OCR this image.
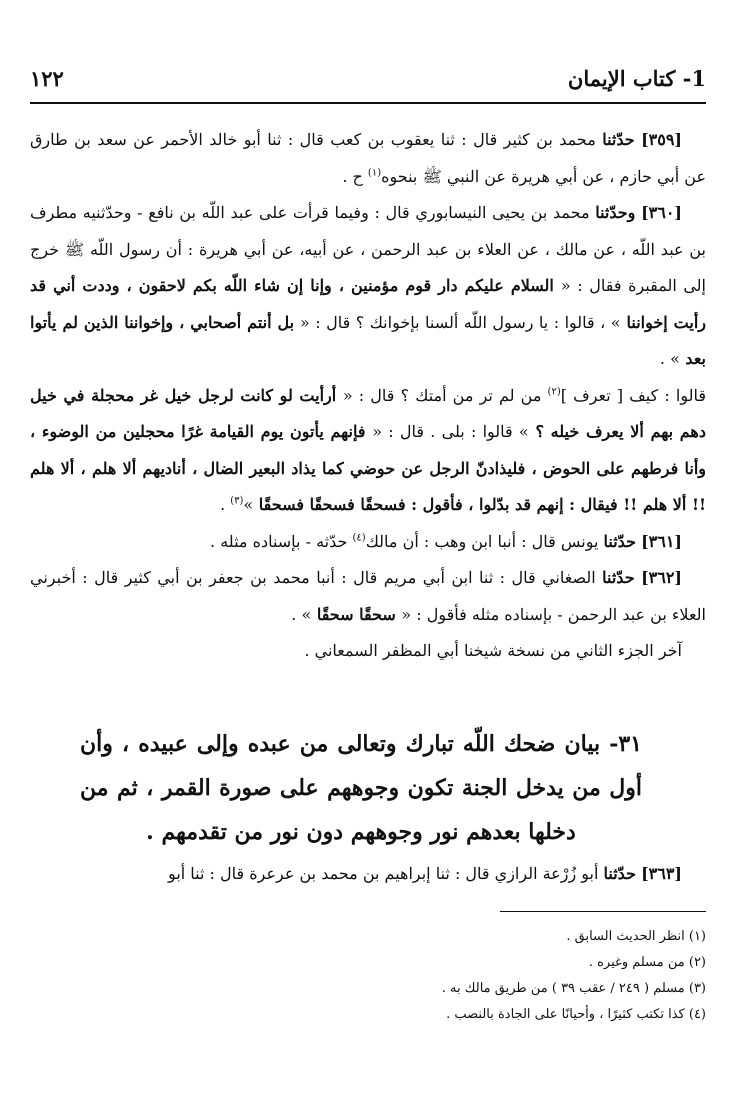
1- كتاب الإيمان
١٢٢

[٣٥٩] حدّثنا محمد بن كثير قال : ثنا يعقوب بن كعب قال : ثنا أبو خالد الأحمر عن سعد بن طارق عن أبي حازم ، عن أبي هريرة عن النبي ﷺ بنحوه$^{(١)}$ ح .

[٣٦٠] وحدّثنا محمد بن يحيى النيسابوري قال : وفيما قرأت على عبد اللّه بن نافع - وحدّثنيه مطرف بن عبد اللّه ، عن مالك ، عن العلاء بن عبد الرحمن ، عن أبيه، عن أبي هريرة : أن رسول اللّه ﷺ خرج إلى المقبرة فقال : « السلام عليكم دار قوم مؤمنين ، وإنا إن شاء اللّه بكم لاحقون ، وددت أني قد رأيت إخواننا » ، قالوا : يا رسول اللّه ألسنا بإخوانك ؟ قال : « بل أنتم أصحابي ، وإخواننا الذين لم يأتوا بعد » .

قالوا : كيف [ تعرف ]$^{(٢)}$ من لم تر من أمتك ؟ قال : « أرأيت لو كانت لرجل خيل غر محجلة في خيل دهم بهم ألا يعرف خيله ؟ » قالوا : بلى . قال : « فإنهم يأتون يوم القيامة غرًا محجلين من الوضوء ، وأنا فرطهم على الحوض ، فليذادنّ الرجل عن حوضي كما يذاد البعير الضال ، أناديهم ألا هلم ، ألا هلم !! ألا هلم !! فيقال : إنهم قد بدّلوا ، فأقول : فسحقًا فسحقًا فسحقًا »$^{(٣)}$ .

[٣٦١] حدّثنا يونس قال : أنبا ابن وهب : أن مالك$^{(٤)}$ حدّثه - بإسناده مثله .

[٣٦٢] حدّثنا الصغاني قال : ثنا ابن أبي مريم قال : أنبا محمد بن جعفر بن أبي كثير قال : أخبرني العلاء بن عبد الرحمن - بإسناده مثله فأقول : « سحقًا سحقًا » .

آخر الجزء الثاني من نسخة شيخنا أبي المظفر السمعاني .

٣١- بيان ضحك اللّه تبارك وتعالى من عبده وإلى عبيده ، وأن أول من يدخل الجنة تكون وجوههم على صورة القمر ، ثم من دخلها بعدهم نور وجوههم دون نور من تقدمهم .

[٣٦٣] حدّثنا أبو زُرْعة الرازي قال : ثنا إبراهيم بن محمد بن عرعرة قال : ثنا أبو

(١) انظر الحديث السابق .
(٢) من مسلم وغيره .
(٣) مسلم ( ٢٤٩ / عقب ٣٩ ) من طريق مالك به .
(٤) كذا تكتب كثيرًا ، وأحيانًا على الجادة بالنصب .
